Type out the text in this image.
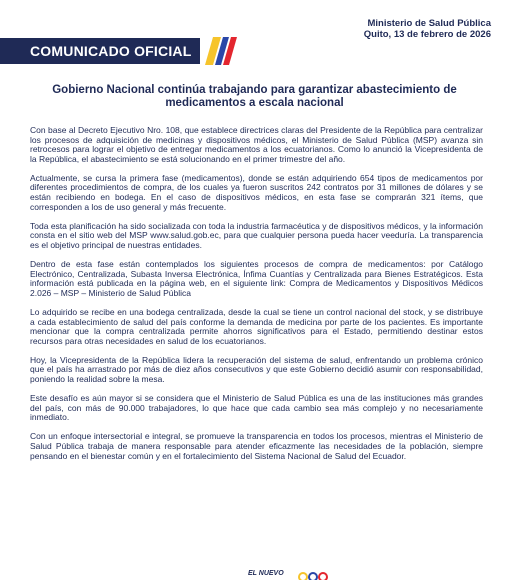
Ministerio de Salud Pública
Quito, 13 de febrero de 2026
COMUNICADO OFICIAL
Gobierno Nacional continúa trabajando para garantizar abastecimiento de medicamentos a escala nacional

Con base al Decreto Ejecutivo Nro. 108, que establece directrices claras del Presidente de la República para centralizar los procesos de adquisición de medicinas y dispositivos médicos, el Ministerio de Salud Pública (MSP) avanza sin retrocesos para lograr el objetivo de entregar medicamentos a los ecuatorianos. Como lo anunció la Vicepresidenta de la República, el abastecimiento se está solucionando en el primer trimestre del año.

Actualmente, se cursa la primera fase (medicamentos), donde se están adquiriendo 654 tipos de medicamentos por diferentes procedimientos de compra, de los cuales ya fueron suscritos 242 contratos por 31 millones de dólares y se están recibiendo en bodega. En el caso de dispositivos médicos, en esta fase se comprarán 321 ítems, que corresponden a los de uso general y más frecuente.

Toda esta planificación ha sido socializada con toda la industria farmacéutica y de dispositivos médicos, y la información consta en el sitio web del MSP www.salud.gob.ec, para que cualquier persona pueda hacer veeduría. La transparencia es el objetivo principal de nuestras entidades.

Dentro de esta fase están contemplados los siguientes procesos de compra de medicamentos: por Catálogo Electrónico, Centralizada, Subasta Inversa Electrónica, Ínfima Cuantías y Centralizada para Bienes Estratégicos. Esta información está publicada en la página web, en el siguiente link: Compra de Medicamentos y Dispositivos Médicos 2.026 – MSP – Ministerio de Salud Pública

Lo adquirido se recibe en una bodega centralizada, desde la cual se tiene un control nacional del stock, y se distribuye a cada establecimiento de salud del país conforme la demanda de medicina por parte de los pacientes. Es importante mencionar que la compra centralizada permite ahorros significativos para el Estado, permitiendo destinar estos recursos para otras necesidades en salud de los ecuatorianos.

Hoy, la Vicepresidenta de la República lidera la recuperación del sistema de salud, enfrentando un problema crónico que el país ha arrastrado por más de diez años consecutivos y que este Gobierno decidió asumir con responsabilidad, poniendo la realidad sobre la mesa.

Este desafío es aún mayor si se considera que el Ministerio de Salud Pública es una de las instituciones más grandes del país, con más de 90.000 trabajadores, lo que hace que cada cambio sea más complejo y no necesariamente inmediato.

Con un enfoque intersectorial e integral, se promueve la transparencia en todos los procesos, mientras el Ministerio de Salud Pública trabaja de manera responsable para atender eficazmente las necesidades de la población, siempre pensando en el bienestar común y en el fortalecimiento del Sistema Nacional de Salud del Ecuador.

EL NUEVO
